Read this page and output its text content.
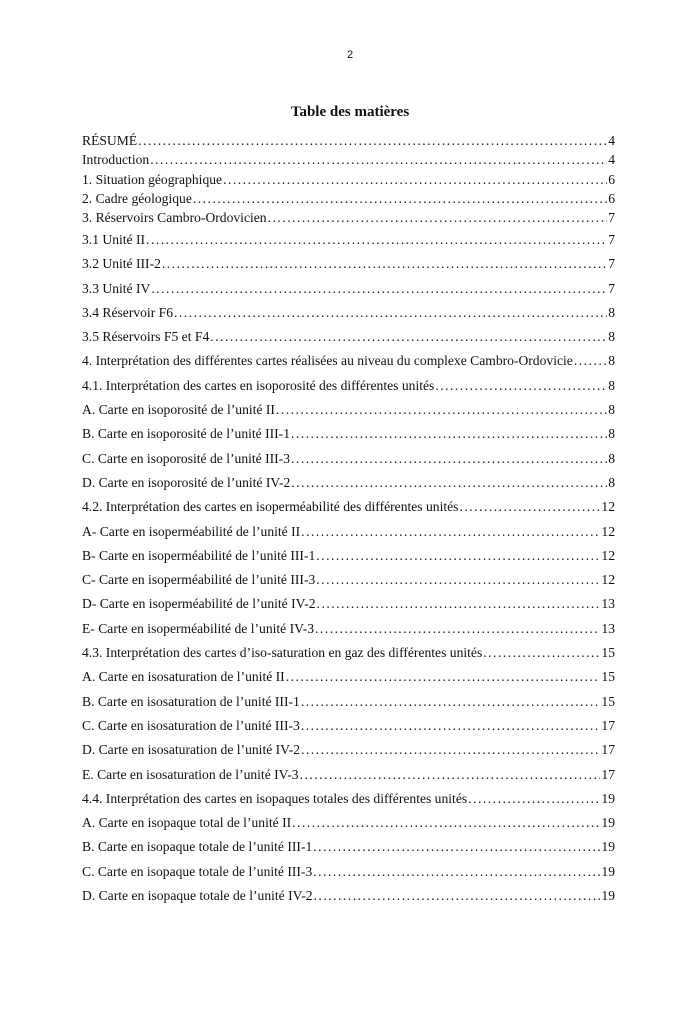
2
Table des matières
RÉSUMÉ .....	4
Introduction .....	4
1. Situation géographique .....	6
2. Cadre géologique .....	6
3. Réservoirs Cambro-Ordovicien .....	7
3.1 Unité II .....	7
3.2 Unité III-2 .....	7
3.3 Unité IV .....	7
3.4 Réservoir F6 .....	8
3.5 Réservoirs F5 et F4 .....	8
4. Interprétation des différentes cartes réalisées au niveau du complexe Cambro-Ordovicie .....	8
4.1. Interprétation des cartes en isoporosité des différentes unités .....	8
A. Carte en isoporosité de l’unité II .....	8
B. Carte en isoporosité de l’unité III-1 .....	8
C. Carte en isoporosité de l’unité III-3 .....	8
D. Carte en isoporosité de l’unité IV-2 .....	8
4.2. Interprétation des cartes en isoperméabilité des différentes unités .....	12
A- Carte en isoperméabilité de l’unité II .....	12
B- Carte en isoperméabilité de l’unité III-1 .....	12
C- Carte en isoperméabilité de l’unité III-3 .....	12
D- Carte en isoperméabilité de l’unité IV-2 .....	13
E- Carte en isoperméabilité de l’unité IV-3 .....	13
4.3. Interprétation des cartes d’iso-saturation en gaz des différentes unités .....	15
A. Carte en isosaturation de l’unité II .....	15
B. Carte en isosaturation de l’unité III-1 .....	15
C. Carte en isosaturation de l’unité III-3 .....	17
D. Carte en isosaturation de l’unité IV-2 .....	17
E. Carte en isosaturation de l’unité IV-3 .....	17
4.4. Interprétation des cartes en isopaques totales des différentes unités .....	19
A. Carte en isopaque total de l’unité II .....	19
B. Carte en isopaque totale de l’unité III-1 .....	19
C. Carte en isopaque totale de l’unité III-3 .....	19
D. Carte en isopaque totale de l’unité IV-2 .....	19
